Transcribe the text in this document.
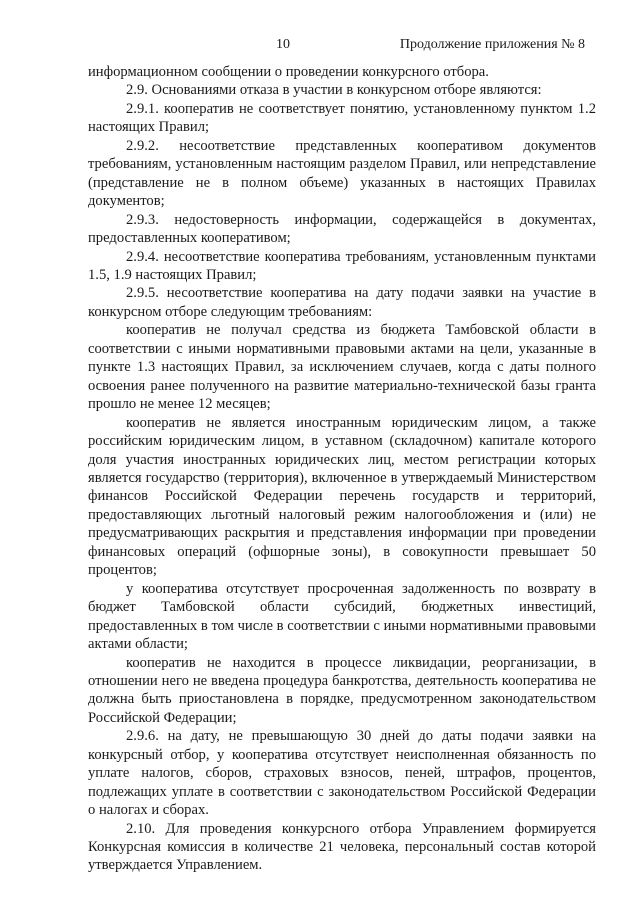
10	Продолжение приложения № 8

информационном сообщении о проведении конкурсного отбора.

2.9. Основаниями отказа в участии в конкурсном отборе являются:

2.9.1. кооператив не соответствует понятию, установленному пунктом 1.2 настоящих Правил;

2.9.2. несоответствие представленных кооперативом документов требованиям, установленным настоящим разделом Правил, или непредставление (представление не в полном объеме) указанных в настоящих Правилах документов;

2.9.3. недостоверность информации, содержащейся в документах, предоставленных кооперативом;

2.9.4. несоответствие кооператива требованиям, установленным пунктами 1.5, 1.9 настоящих Правил;

2.9.5. несоответствие кооператива на дату подачи заявки на участие в конкурсном отборе следующим требованиям:

кооператив не получал средства из бюджета Тамбовской области в соответствии с иными нормативными правовыми актами на цели, указанные в пункте 1.3 настоящих Правил, за исключением случаев, когда с даты полного освоения ранее полученного на развитие материально-технической базы гранта прошло не менее 12 месяцев;

кооператив не является иностранным юридическим лицом, а также российским юридическим лицом, в уставном (складочном) капитале которого доля участия иностранных юридических лиц, местом регистрации которых является государство (территория), включенное в утверждаемый Министерством финансов Российской Федерации перечень государств и территорий, предоставляющих льготный налоговый режим налогообложения и (или) не предусматривающих раскрытия и представления информации при проведении финансовых операций (офшорные зоны), в совокупности превышает 50 процентов;

у кооператива отсутствует просроченная задолженность по возврату в бюджет Тамбовской области субсидий, бюджетных инвестиций, предоставленных в том числе в соответствии с иными нормативными правовыми актами области;

кооператив не находится в процессе ликвидации, реорганизации, в отношении него не введена процедура банкротства, деятельность кооператива не должна быть приостановлена в порядке, предусмотренном законодательством Российской Федерации;

2.9.6. на дату, не превышающую 30 дней до даты подачи заявки на конкурсный отбор, у кооператива отсутствует неисполненная обязанность по уплате налогов, сборов, страховых взносов, пеней, штрафов, процентов, подлежащих уплате в соответствии с законодательством Российской Федерации о налогах и сборах.

2.10. Для проведения конкурсного отбора Управлением формируется Конкурсная комиссия в количестве 21 человека, персональный состав которой утверждается Управлением.
